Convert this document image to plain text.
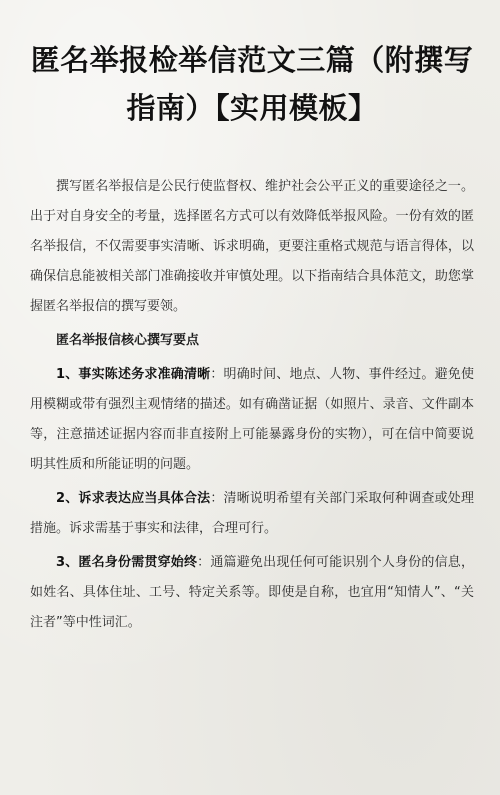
匿名举报检举信范文三篇（附撰写指南）【实用模板】

撰写匿名举报信是公民行使监督权、维护社会公平正义的重要途径之一。出于对自身安全的考量，选择匿名方式可以有效降低举报风险。一份有效的匿名举报信，不仅需要事实清晰、诉求明确，更要注重格式规范与语言得体，以确保信息能被相关部门准确接收并审慎处理。以下指南结合具体范文，助您掌握匿名举报信的撰写要领。

匿名举报信核心撰写要点

1、事实陈述务求准确清晰：明确时间、地点、人物、事件经过。避免使用模糊或带有强烈主观情绪的描述。如有确凿证据（如照片、录音、文件副本等，注意描述证据内容而非直接附上可能暴露身份的实物），可在信中简要说明其性质和所能证明的问题。

2、诉求表达应当具体合法：清晰说明希望有关部门采取何种调查或处理措施。诉求需基于事实和法律，合理可行。

3、匿名身份需贯穿始终：通篇避免出现任何可能识别个人身份的信息，如姓名、具体住址、工号、特定关系等。即使是自称，也宜用“知情人”、“关注者”等中性词汇。
